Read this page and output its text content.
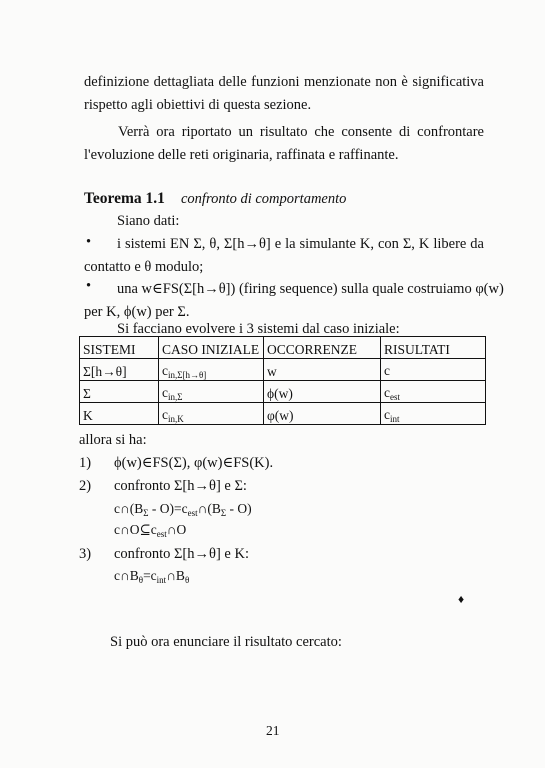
definizione dettagliata delle funzioni menzionate non è significativa
rispetto agli obiettivi di questa sezione.
Verrà ora riportato un risultato che consente di confrontare
l'evoluzione delle reti originaria, raffinata e raffinante.
Teorema 1.1 confronto di comportamento
Siano dati:
• i sistemi EN Σ, θ, Σ[h→θ] e la simulante K, con Σ, K libere da
contatto e θ modulo;
• una w∈FS(Σ[h→θ]) (firing sequence) sulla quale costruiamo φ(w)
per K, ϕ(w) per Σ.
Si facciano evolvere i 3 sistemi dal caso iniziale:
SISTEMI	CASO INIZIALE	OCCORRENZE	RISULTATI
Σ[h→θ]	$c_{in,\Sigma[h\to\theta]}$	w	c
Σ	$c_{in,\Sigma}$	ϕ(w)	$c_{est}$
K	$c_{in,K}$	φ(w)	$c_{int}$
allora si ha:
1) ϕ(w)∈FS(Σ), φ(w)∈FS(K).
2) confronto Σ[h→θ] e Σ:
$c\cap(B_\Sigma$ - $O)=c_{est}\cap(B_\Sigma - O)$
$c\cap O⊆c_{est}\cap O$
3) confronto Σ[h→θ] e K:
$c\cap B_\theta=c_{int}\cap B_\theta$
♦
Si può ora enunciare il risultato cercato:
21
